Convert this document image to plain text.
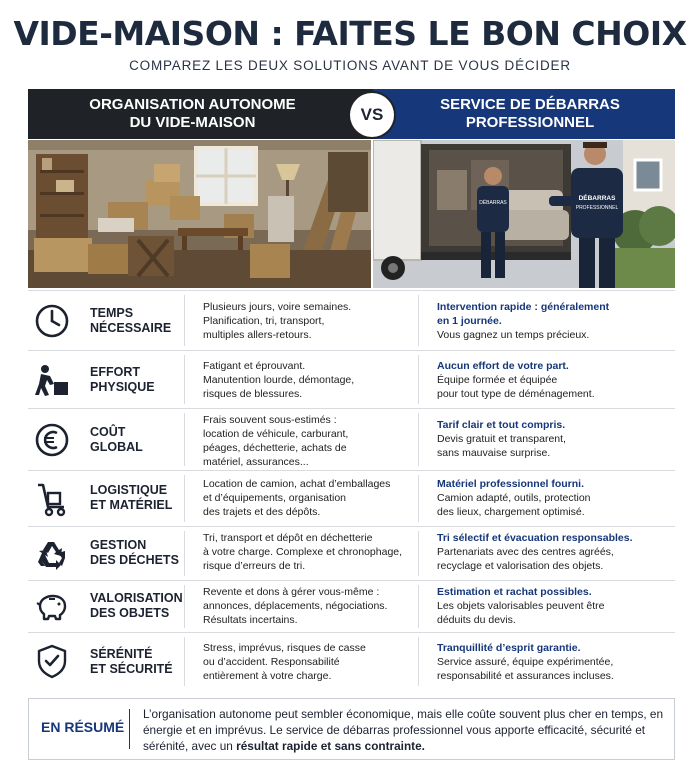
VIDE-MAISON : FAITES LE BON CHOIX
COMPAREZ LES DEUX SOLUTIONS AVANT DE VOUS DÉCIDER
ORGANISATION AUTONOME
DU VIDE-MAISON
SERVICE DE DÉBARRAS
PROFESSIONNEL
VS
DÉBARRAS
DÉBARRAS
PROFESSIONNEL
TEMPS
NÉCESSAIRE
Plusieurs jours, voire semaines.
Planification, tri, transport,
multiples allers-retours.
Intervention rapide : généralement
en 1 journée.
Vous gagnez un temps précieux.
EFFORT
PHYSIQUE
Fatigant et éprouvant.
Manutention lourde, démontage,
risques de blessures.
Aucun effort de votre part.
Équipe formée et équipée
pour tout type de déménagement.
COÛT
GLOBAL
Frais souvent sous-estimés :
location de véhicule, carburant,
péages, déchetterie, achats de
matériel, assurances...
Tarif clair et tout compris.
Devis gratuit et transparent,
sans mauvaise surprise.
LOGISTIQUE
ET MATÉRIEL
Location de camion, achat d’emballages
et d’équipements, organisation
des trajets et des dépôts.
Matériel professionnel fourni.
Camion adapté, outils, protection
des lieux, chargement optimisé.
GESTION
DES DÉCHETS
Tri, transport et dépôt en déchetterie
à votre charge. Complexe et chronophage,
risque d’erreurs de tri.
Tri sélectif et évacuation responsables.
Partenariats avec des centres agréés,
recyclage et valorisation des objets.
VALORISATION
DES OBJETS
Revente et dons à gérer vous-même :
annonces, déplacements, négociations.
Résultats incertains.
Estimation et rachat possibles.
Les objets valorisables peuvent être
déduits du devis.
SÉRÉNITÉ
ET SÉCURITÉ
Stress, imprévus, risques de casse
ou d’accident. Responsabilité
entièrement à votre charge.
Tranquillité d’esprit garantie.
Service assuré, équipe expérimentée,
responsabilité et assurances incluses.
EN RÉSUMÉ
L’organisation autonome peut sembler économique, mais elle coûte souvent plus cher en temps, en énergie et en imprévus. Le service de débarras professionnel vous apporte efficacité, sécurité et sérénité, avec un résultat rapide et sans contrainte.
